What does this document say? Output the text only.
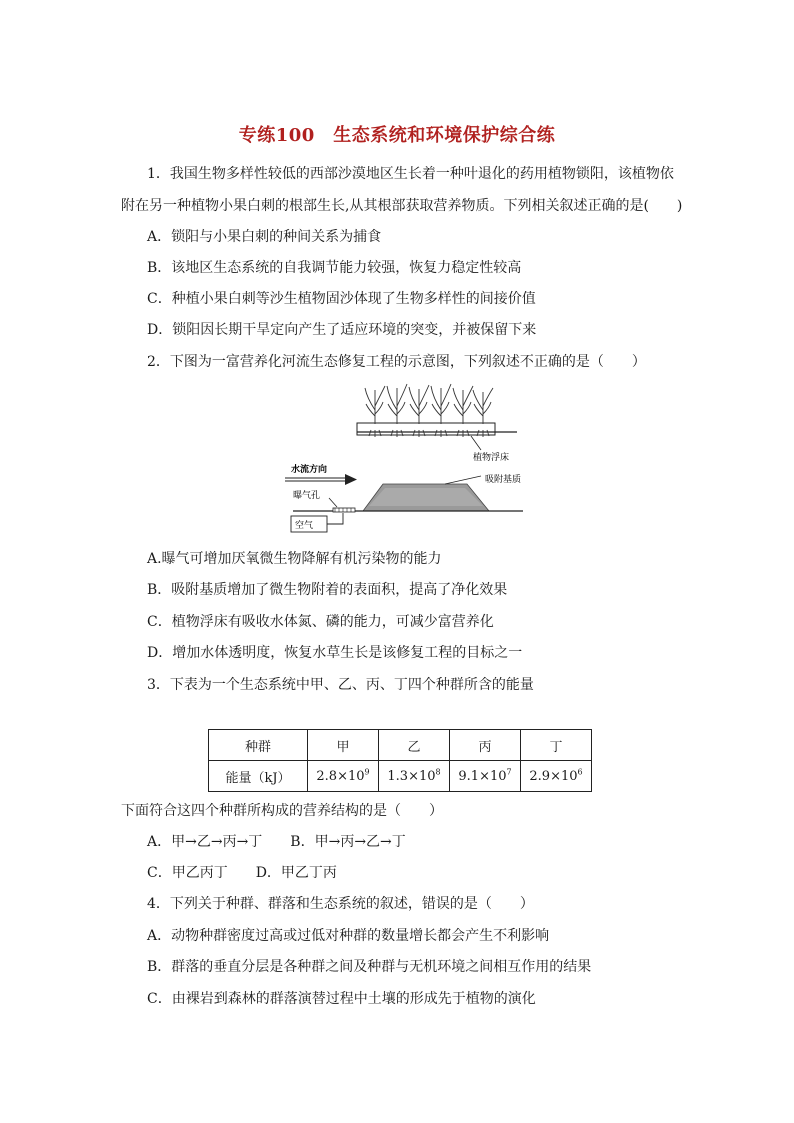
专练100　生态系统和环境保护综合练
1．我国生物多样性较低的西部沙漠地区生长着一种叶退化的药用植物锁阳，该植物依
附在另一种植物小果白刺的根部生长,从其根部获取营养物质。下列相关叙述正确的是(　　)
A．锁阳与小果白刺的种间关系为捕食
B．该地区生态系统的自我调节能力较强，恢复力稳定性较高
C．种植小果白刺等沙生植物固沙体现了生物多样性的间接价值
D．锁阳因长期干旱定向产生了适应环境的突变，并被保留下来
2．下图为一富营养化河流生态修复工程的示意图，下列叙述不正确的是（　　）
植物浮床
水流方向
吸附基质
曝气孔
空气
A.曝气可增加厌氧微生物降解有机污染物的能力
B．吸附基质增加了微生物附着的表面积，提高了净化效果
C．植物浮床有吸收水体氮、磷的能力，可减少富营养化
D．增加水体透明度，恢复水草生长是该修复工程的目标之一
3．下表为一个生态系统中甲、乙、丙、丁四个种群所含的能量
种群	甲	乙	丙	丁
能量（kJ）	$2.8\times 10^9$	$1.3\times 10^8$	$9.1\times 10^7$	$2.9\times 10^6$
下面符合这四个种群所构成的营养结构的是（　　）
A．甲→乙→丙→丁　　B．甲→丙→乙→丁
C．甲乙丙丁　　D．甲乙丁丙
4．下列关于种群、群落和生态系统的叙述，错误的是（　　）
A．动物种群密度过高或过低对种群的数量增长都会产生不利影响
B．群落的垂直分层是各种群之间及种群与无机环境之间相互作用的结果
C．由裸岩到森林的群落演替过程中土壤的形成先于植物的演化
